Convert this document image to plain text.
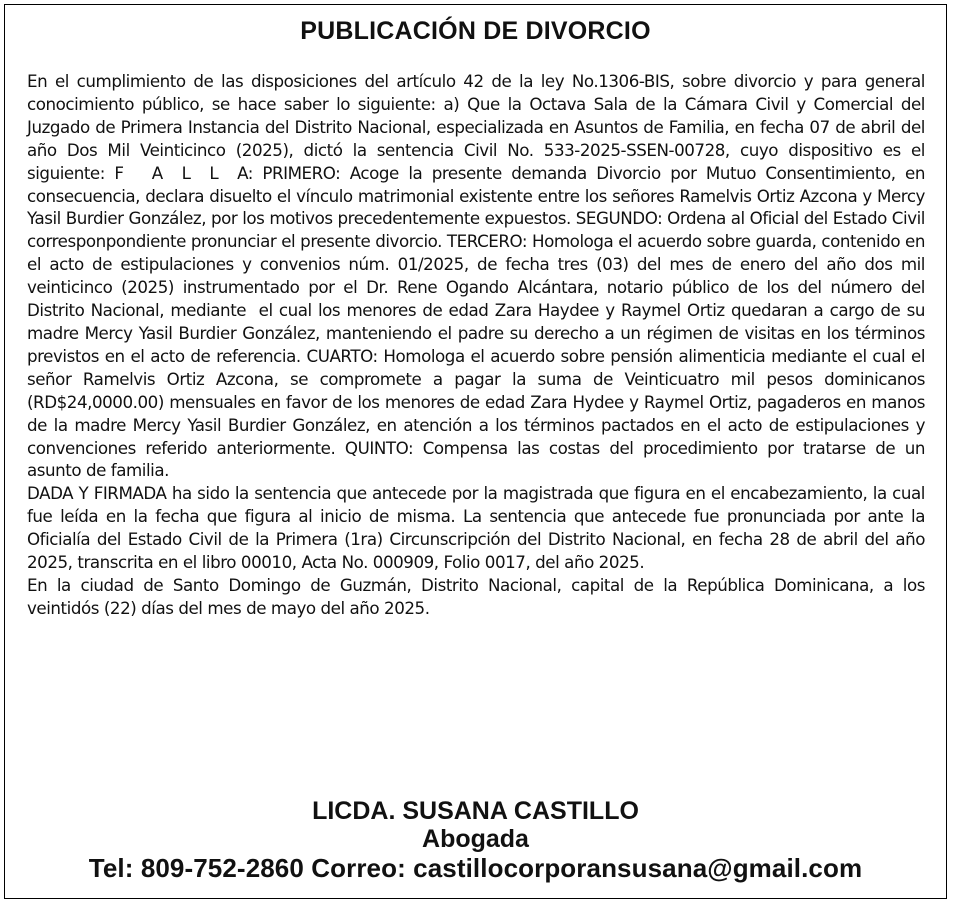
PUBLICACIÓN DE DIVORCIO

En el cumplimiento de las disposiciones del artículo 42 de la ley No.1306-BIS, sobre divorcio y para general conocimiento público, se hace saber lo siguiente: a) Que la Octava Sala de la Cámara Civil y Comercial del Juzgado de Primera Instancia del Distrito Nacional, especializada en Asuntos de Familia, en fecha 07 de abril del año Dos Mil Veinticinco (2025), dictó la sentencia Civil No. 533-2025-SSEN-00728, cuyo dispositivo es el siguiente: F   A  L  L  A: PRIMERO: Acoge la presente demanda Divorcio por Mutuo Consentimiento, en consecuencia, declara disuelto el vínculo matrimonial existente entre los señores Ramelvis Ortiz Azcona y Mercy Yasil Burdier González, por los motivos precedentemente expuestos. SEGUNDO: Ordena al Oficial del Estado Civil corresponpondiente pronunciar el presente divorcio. TERCERO: Homologa el acuerdo sobre guarda, contenido en el acto de estipulaciones y convenios núm. 01/2025, de fecha tres (03) del mes de enero del año dos mil veinticinco (2025) instrumentado por el Dr. Rene Ogando Alcántara, notario público de los del número del Distrito Nacional, mediante  el cual los menores de edad Zara Haydee y Raymel Ortiz quedaran a cargo de su madre Mercy Yasil Burdier González, manteniendo el padre su derecho a un régimen de visitas en los términos previstos en el acto de referencia. CUARTO: Homologa el acuerdo sobre pensión alimenticia mediante el cual el señor Ramelvis Ortiz Azcona, se compromete a pagar la suma de Veinticuatro mil pesos dominicanos (RD$24,0000.00) mensuales en favor de los menores de edad Zara Hydee y Raymel Ortiz, pagaderos en manos de la madre Mercy Yasil Burdier González, en atención a los términos pactados en el acto de estipulaciones y convenciones referido anteriormente. QUINTO: Compensa las costas del procedimiento por tratarse de un asunto de familia.

DADA Y FIRMADA ha sido la sentencia que antecede por la magistrada que figura en el encabezamiento, la cual fue leída en la fecha que figura al inicio de misma. La sentencia que antecede fue pronunciada por ante la Oficialía del Estado Civil de la Primera (1ra) Circunscripción del Distrito Nacional, en fecha 28 de abril del año 2025, transcrita en el libro 00010, Acta No. 000909, Folio 0017, del año 2025.

En la ciudad de Santo Domingo de Guzmán, Distrito Nacional, capital de la República Dominicana, a los veintidós (22) días del mes de mayo del año 2025.

LICDA. SUSANA CASTILLO
Abogada
Tel: 809-752-2860 Correo: castillocorporansusana@gmail.com
